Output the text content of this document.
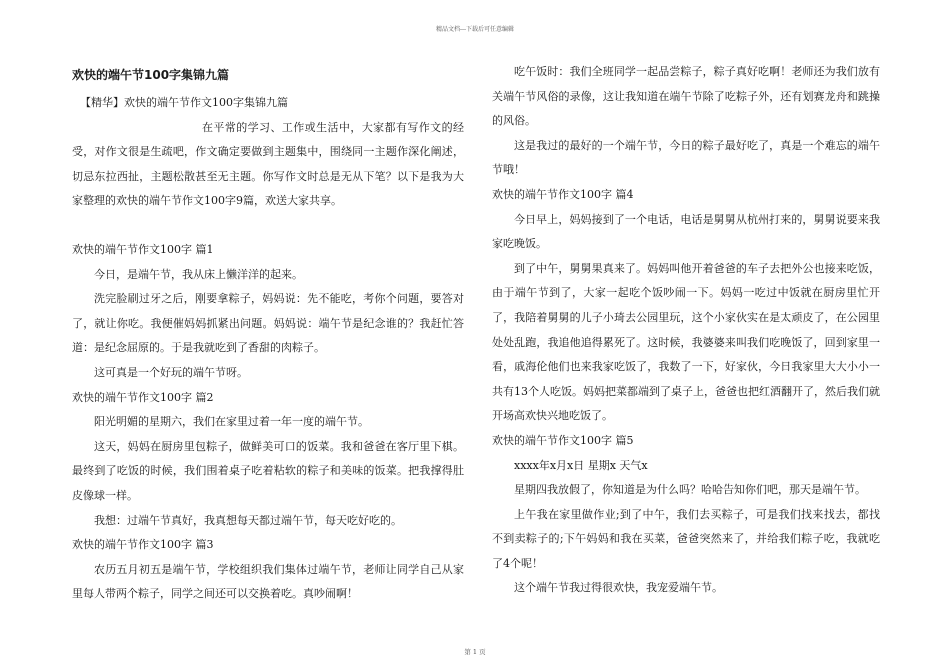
精品文档---下载后可任意编辑
欢快的端午节100字集锦九篇

【精华】欢快的端午节作文100字集锦九篇

在平常的学习、工作或生活中，大家都有写作文的经受，对作文很是生疏吧，作文确定要做到主题集中，围绕同一主题作深化阐述，切忌东拉西扯，主题松散甚至无主题。你写作文时总是无从下笔？以下是我为大家整理的欢快的端午节作文100字9篇，欢送大家共享。

欢快的端午节作文100字 篇1

今日，是端午节，我从床上懒洋洋的起来。

洗完脸刷过牙之后，刚要拿粽子，妈妈说：先不能吃，考你个问题，要答对了，就让你吃。我便催妈妈抓紧出问题。妈妈说：端午节是纪念谁的？我赶忙答道：是纪念屈原的。于是我就吃到了香甜的肉粽子。

这可真是一个好玩的端午节呀。

欢快的端午节作文100字 篇2

阳光明媚的星期六，我们在家里过着一年一度的端午节。

这天，妈妈在厨房里包粽子，做鲜美可口的饭菜。我和爸爸在客厅里下棋。最终到了吃饭的时候，我们围着桌子吃着粘软的粽子和美味的饭菜。把我撑得肚皮像球一样。

我想：过端午节真好，我真想每天都过端午节，每天吃好吃的。

欢快的端午节作文100字 篇3

农历五月初五是端午节，学校组织我们集体过端午节，老师让同学自己从家里每人带两个粽子，同学之间还可以交换着吃。真吵闹啊！

吃午饭时：我们全班同学一起品尝粽子，粽子真好吃啊！老师还为我们放有关端午节风俗的录像，这让我知道在端午节除了吃粽子外，还有划赛龙舟和跳操的风俗。

这是我过的最好的一个端午节，今日的粽子最好吃了，真是一个难忘的端午节哦！

欢快的端午节作文100字 篇4

今日早上，妈妈接到了一个电话，电话是舅舅从杭州打来的，舅舅说要来我家吃晚饭。

到了中午，舅舅果真来了。妈妈叫他开着爸爸的车子去把外公也接来吃饭，由于端午节到了，大家一起吃个饭吵闹一下。妈妈一吃过中饭就在厨房里忙开了，我陪着舅舅的儿子小琦去公园里玩，这个小家伙实在是太顽皮了，在公园里处处乱跑，我追他追得累死了。这时候，我婆婆来叫我们吃晚饭了，回到家里一看，戚海伦他们也来我家吃饭了，我数了一下，好家伙，今日我家里大大小小一共有13个人吃饭。妈妈把菜都端到了桌子上，爸爸也把红酒翻开了，然后我们就开场高欢快兴地吃饭了。

欢快的端午节作文100字 篇5

xxxx年x月x日 星期x 天气x

星期四我放假了，你知道是为什么吗？哈哈告知你们吧，那天是端午节。

上午我在家里做作业;到了中午，我们去买粽子，可是我们找来找去，都找不到卖粽子的;下午妈妈和我在买菜，爸爸突然来了，并给我们粽子吃，我就吃了4个呢！

这个端午节我过得很欢快，我宠爱端午节。

第 1 页
